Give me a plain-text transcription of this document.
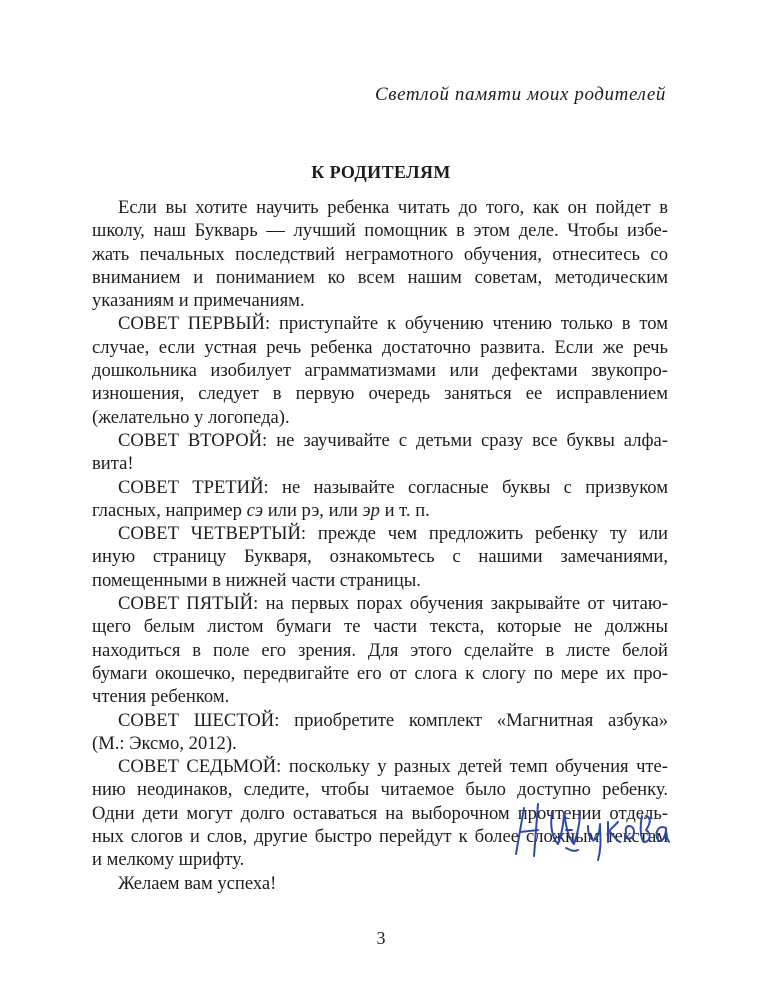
Светлой памяти моих родителей
К РОДИТЕЛЯМ
Если вы хотите научить ребенка читать до того, как он пойдет в
школу, наш Букварь — лучший помощник в этом деле. Чтобы избе-
жать печальных последствий неграмотного обучения, отнеситесь со
вниманием и пониманием ко всем нашим советам, методическим
указаниям и примечаниям.
СОВЕТ ПЕРВЫЙ: приступайте к обучению чтению только в том
случае, если устная речь ребенка достаточно развита. Если же речь
дошкольника изобилует аграмматизмами или дефектами звукопро-
изношения, следует в первую очередь заняться ее исправлением
(желательно у логопеда).
СОВЕТ ВТОРОЙ: не заучивайте с детьми сразу все буквы алфа-
вита!
СОВЕТ ТРЕТИЙ: не называйте согласные буквы с призвуком
гласных, например сэ или рэ, или эр и т. п.
СОВЕТ ЧЕТВЕРТЫЙ: прежде чем предложить ребенку ту или
иную страницу Букваря, ознакомьтесь с нашими замечаниями,
помещенными в нижней части страницы.
СОВЕТ ПЯТЫЙ: на первых порах обучения закрывайте от читаю-
щего белым листом бумаги те части текста, которые не должны
находиться в поле его зрения. Для этого сделайте в листе белой
бумаги окошечко, передвигайте его от слога к слогу по мере их про-
чтения ребенком.
СОВЕТ ШЕСТОЙ: приобретите комплект «Магнитная азбука»
(М.: Эксмо, 2012).
СОВЕТ СЕДЬМОЙ: поскольку у разных детей темп обучения чте-
нию неодинаков, следите, чтобы читаемое было доступно ребенку.
Одни дети могут долго оставаться на выборочном прочтении отдель-
ных слогов и слов, другие быстро перейдут к более сложным текстам
и мелкому шрифту.
Желаем вам успеха!
3
